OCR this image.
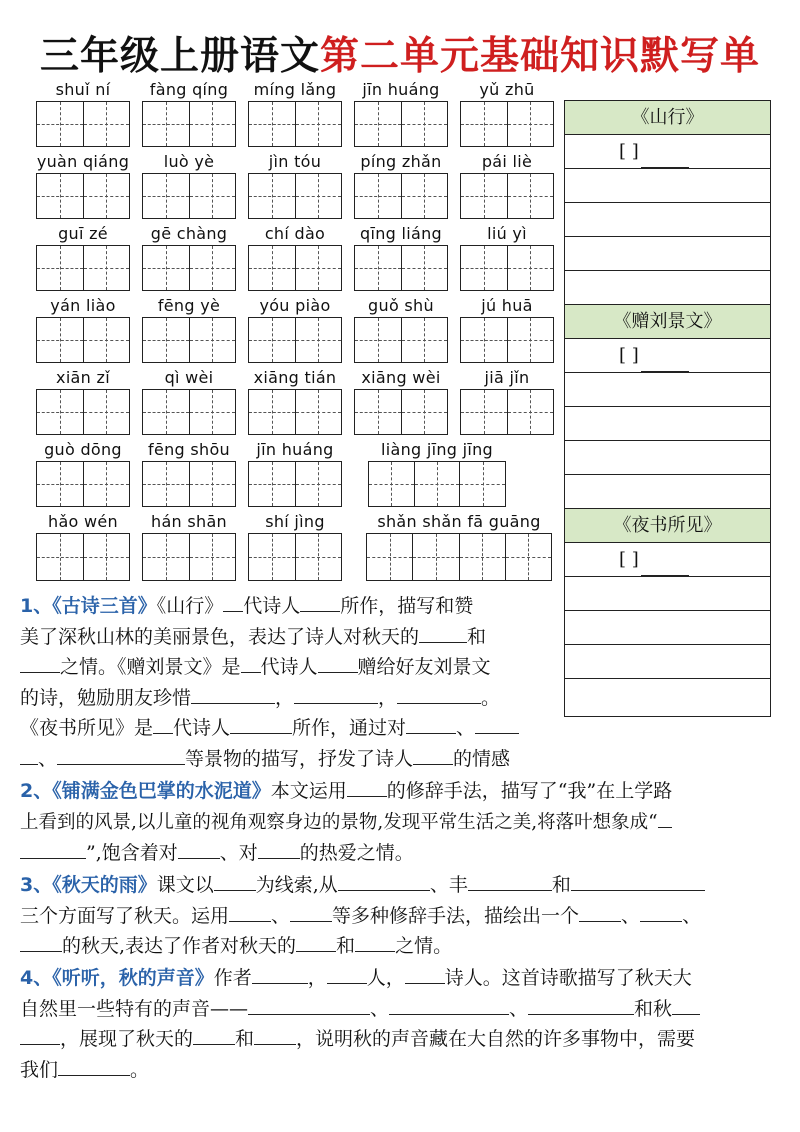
三年级上册语文第二单元基础知识默写单
shuǐ ní	fàng qíng	míng lǎng	jīn huáng	yǔ zhū
yuàn qiáng	luò yè	jìn tóu	píng zhǎn	pái liè
guī zé	gē chàng	chí dào	qīng liáng	liú yì
yán liào	fēng yè	yóu piào	guǒ shù	jú huā
xiān zǐ	qì wèi	xiāng tián	xiāng wèi	jiā jǐn
guò dōng	fēng shōu	jīn huáng	liàng jīng jīng
hǎo wén	hán shān	shí jìng	shǎn shǎn fā guāng
《山行》
[ ]
《赠刘景文》
[ ]
《夜书所见》
[ ]
1、《古诗三首》《山行》 代诗人 所作，描写和赞
美了深秋山林的美丽景色，表达了诗人对秋天的	和
之情。《赠刘景文》是 代诗人 赠给好友刘景文
的诗，勉励朋友珍惜	，	，	。
《夜书所见》是 代诗人	所作，通过对	、
、	等景物的描写，抒发了诗人 的情感
2、《铺满金色巴掌的水泥道》本文运用 的修辞手法，描写了“我”在上学路
上看到的风景,以儿童的视角观察身边的景物,发现平常生活之美,将落叶想象成“
”,饱含着对 、对 的热爱之情。
3、《秋天的雨》课文以 为线索,从	、丰	和
三个方面写了秋天。运用 、 等多种修辞手法，描绘出一个 、 、
的秋天,表达了作者对秋天的 和 之情。
4、《听听，秋的声音》作者	， 人， 诗人。这首诗歌描写了秋天大
自然里一些特有的声音——	、	、	和秋
，展现了秋天的 和 ，说明秋的声音藏在大自然的许多事物中，需要
我们	。
